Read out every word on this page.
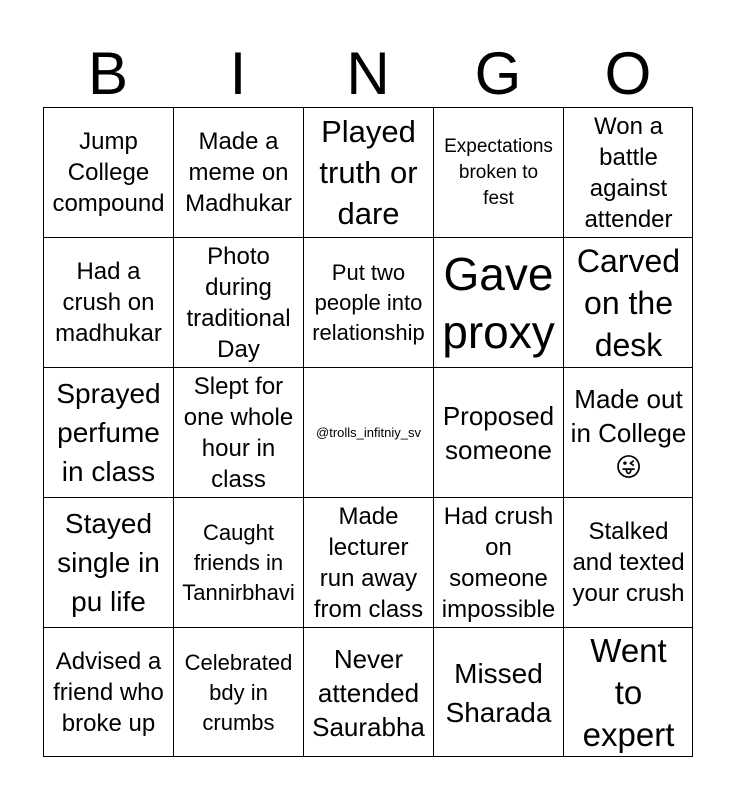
B	I	N	G	O
Jump
College
compound
Made a
meme on
Madhukar
Played
truth or
dare
Expectations
broken to
fest
Won a
battle
against
attender
Had a
crush on
madhukar
Photo
during
traditional
Day
Put two
people into
relationship
Gave
proxy
Carved
on the
desk
Sprayed
perfume
in class
Slept for
one whole
hour in
class
@trolls_infitniy_sv
Proposed
someone
Made out
in College
😜
Stayed
single in
pu life
Caught
friends in
Tannirbhavi
Made
lecturer
run away
from class
Had crush
on
someone
impossible
Stalked
and texted
your crush
Advised a
friend who
broke up
Celebrated
bdy in
crumbs
Never
attended
Saurabha
Missed
Sharada
Went
to
expert
